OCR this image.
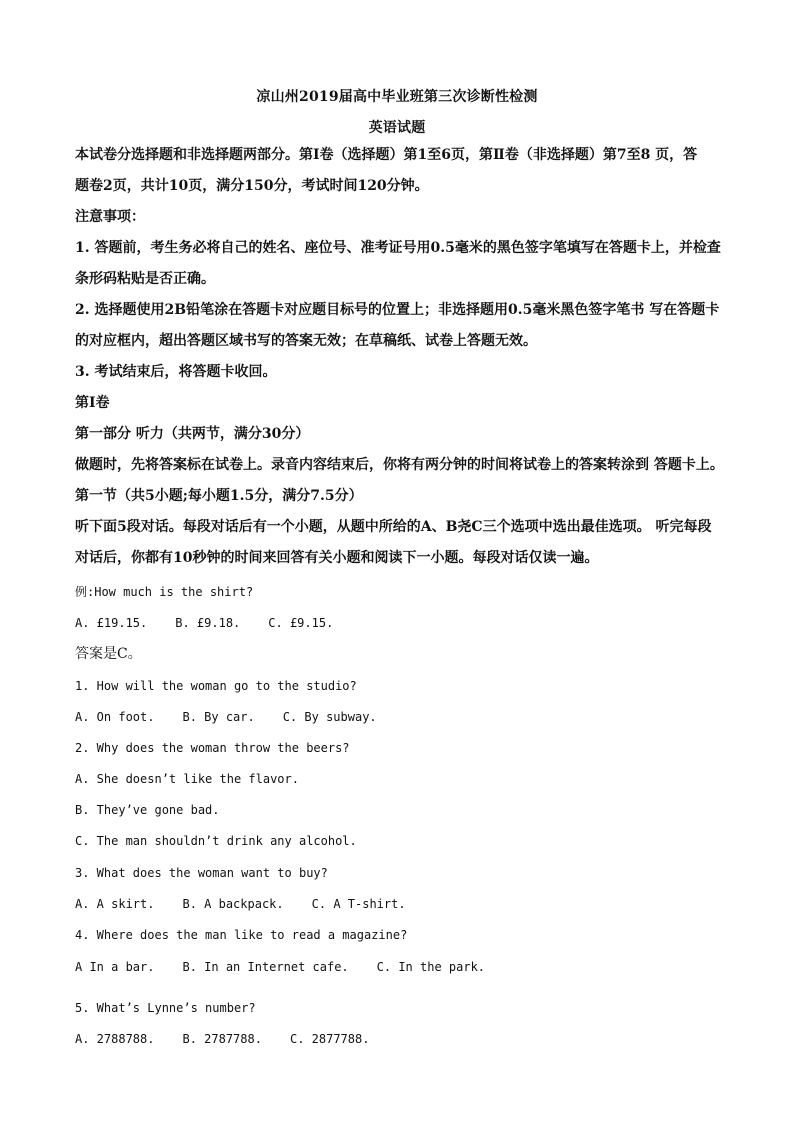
凉山州2019届高中毕业班第三次诊断性检测
英语试题
本试卷分选择题和非选择题两部分。第Ⅰ卷（选择题）第1至6页，第Ⅱ卷（非选择题）第7至8 页，答
题卷2页，共计10页，满分150分，考试时间120分钟。
注意事项：
1. 答题前，考生务必将自己的姓名、座位号、准考证号用0.5毫米的黑色签字笔填写在答题卡上，并检查
条形码粘贴是否正确。
2. 选择题使用2B铅笔涂在答题卡对应题目标号的位置上；非选择题用0.5毫米黑色签字笔书 写在答题卡
的对应框内，超出答题区域书写的答案无效；在草稿纸、试卷上答题无效。
3. 考试结束后，将答题卡收回。
第Ⅰ卷
第一部分 听力（共两节，满分30分）
做题时，先将答案标在试卷上。录音内容结束后，你将有两分钟的时间将试卷上的答案转涂到 答题卡上。
第一节（共5小题;每小题1.5分，满分7.5分）
听下面5段对话。每段对话后有一个小题，从题中所给的A、B尧C三个选项中选出最佳选项。 听完每段
对话后，你都有10秒钟的时间来回答有关小题和阅读下一小题。每段对话仅读一遍。
例:How much is the shirt?
A. £19.15. B. £9.18. C. £9.15.
答案是C。
1. How will the woman go to the studio?
A. On foot. B. By car. C. By subway.
2. Why does the woman throw the beers?
A. She doesn’t like the flavor.
B. They’ve gone bad.
C. The man shouldn’t drink any alcohol.
3. What does the woman want to buy?
A. A skirt. B. A backpack. C. A T-shirt.
4. Where does the man like to read a magazine?
A In a bar. B. In an Internet cafe. C. In the park.
5. What’s Lynne’s number?
A. 2788788. B. 2787788. C. 2877788.
